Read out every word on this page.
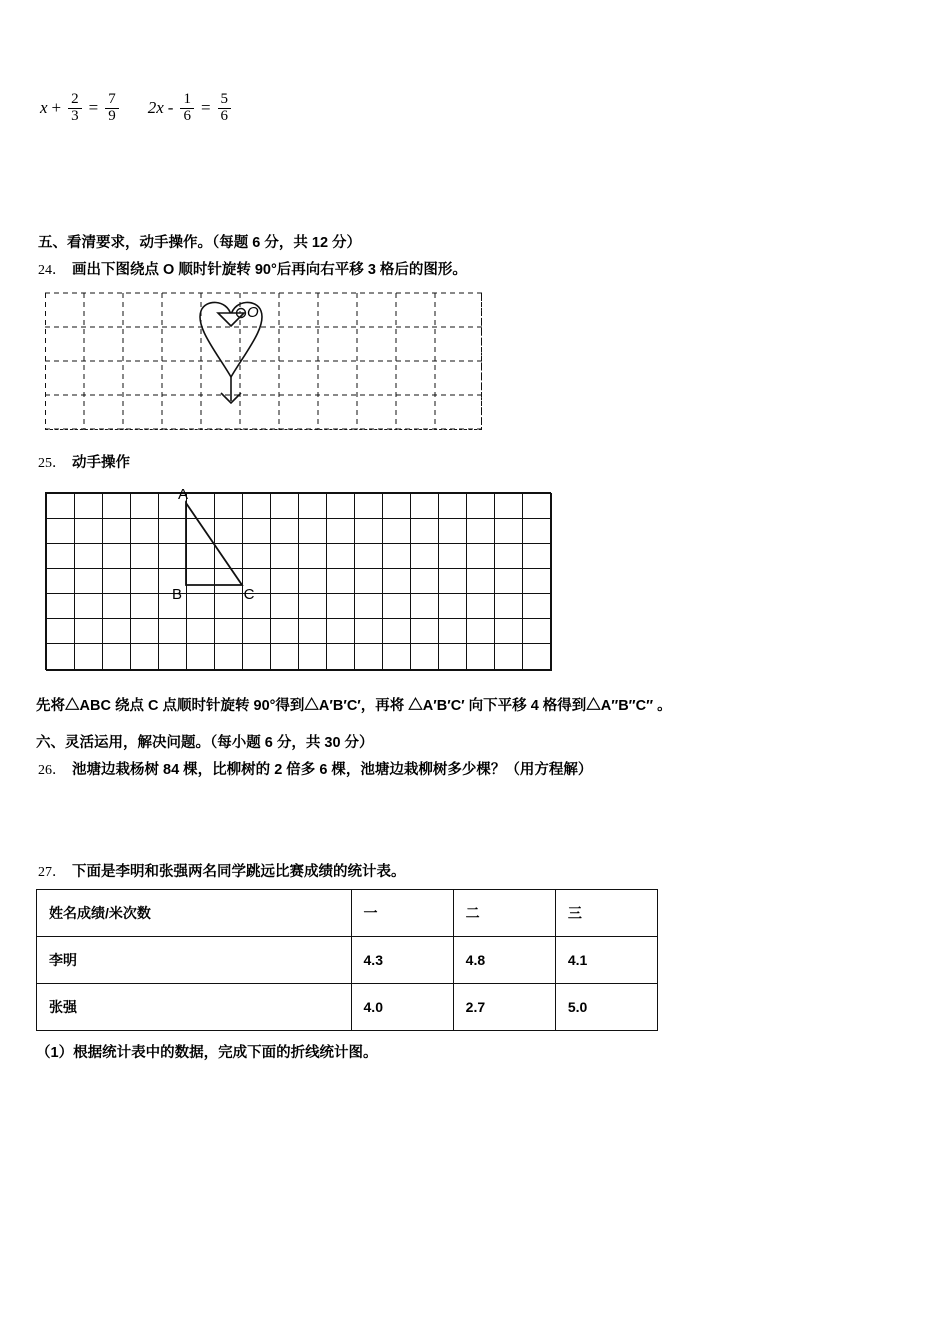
$x + \frac{2}{3} = \frac{7}{9} 2x - \frac{1}{6} = \frac{5}{6}$
五、看清要求，动手操作。（每题 6 分，共 12 分）
24． 画出下图绕点 O 顺时针旋转 90°后再向右平移 3 格后的图形。
O
25． 动手操作
A
B	C
先将△ABC 绕点 C 点顺时针旋转 90°得到△A′B′C′，再将 △A′B′C′ 向下平移 4 格得到△A″B″C″ 。
六、灵活运用，解决问题。（每小题 6 分，共 30 分）
26． 池塘边栽杨树 84 棵，比柳树的 2 倍多 6 棵，池塘边栽柳树多少棵？（用方程解）
27． 下面是李明和张强两名同学跳远比赛成绩的统计表。
姓名成绩/米次数	一	二	三
李明	4.3	4.8	4.1
张强	4.0	2.7	5.0
（1）根据统计表中的数据，完成下面的折线统计图。
